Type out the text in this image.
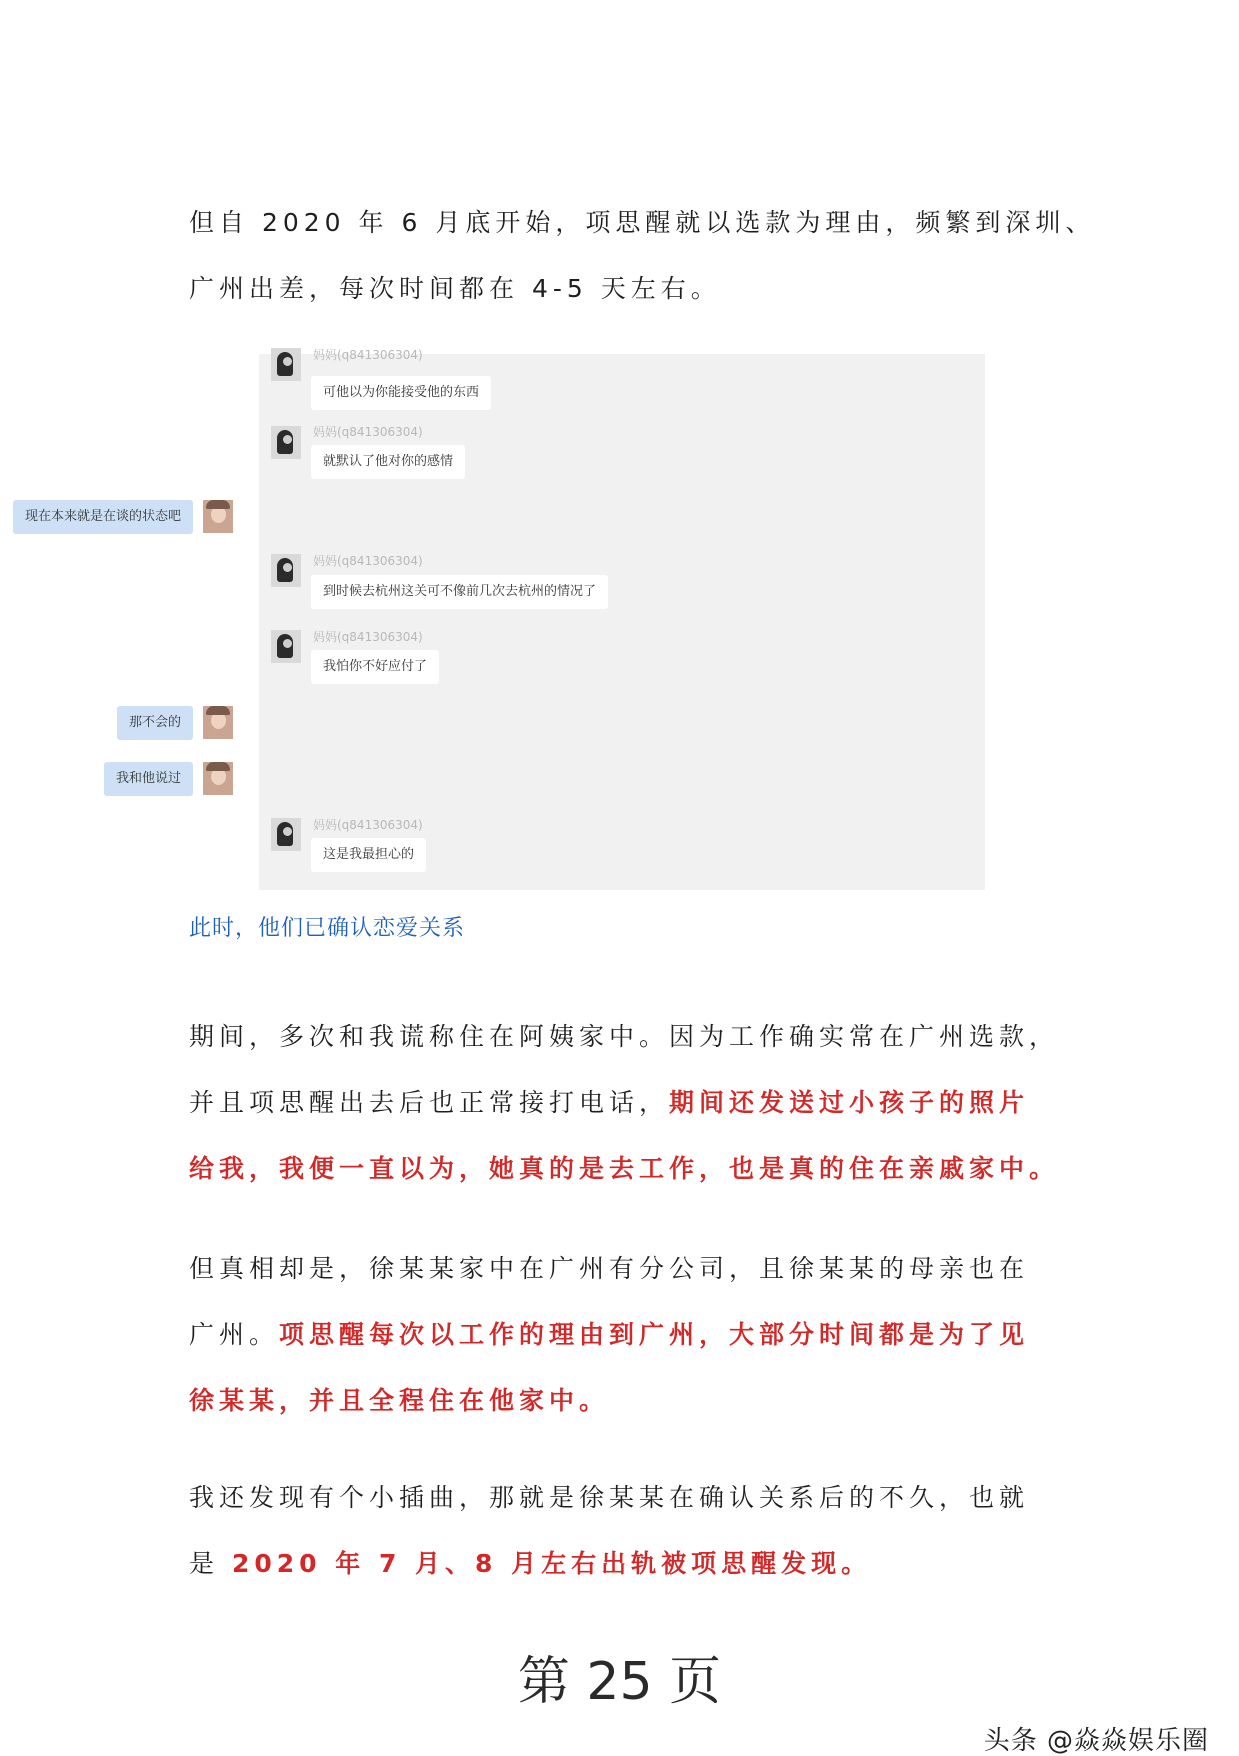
但自 2020 年 6 月底开始，项思醒就以选款为理由，频繁到深圳、
广州出差，每次时间都在 4-5 天左右。
妈妈(q841306304)
可他以为你能接受他的东西
妈妈(q841306304)
就默认了他对你的感情
现在本来就是在谈的状态吧
妈妈(q841306304)
到时候去杭州这关可不像前几次去杭州的情况了
妈妈(q841306304)
我怕你不好应付了
那不会的
我和他说过
妈妈(q841306304)
这是我最担心的
此时，他们已确认恋爱关系
期间，多次和我谎称住在阿姨家中。因为工作确实常在广州选款，
并且项思醒出去后也正常接打电话，期间还发送过小孩子的照片
给我，我便一直以为，她真的是去工作，也是真的住在亲戚家中。
但真相却是，徐某某家中在广州有分公司，且徐某某的母亲也在
广州。项思醒每次以工作的理由到广州，大部分时间都是为了见
徐某某，并且全程住在他家中。
我还发现有个小插曲，那就是徐某某在确认关系后的不久，也就
是 2020 年 7 月、8 月左右出轨被项思醒发现。
第 25 页
头条 @焱焱娱乐圈
